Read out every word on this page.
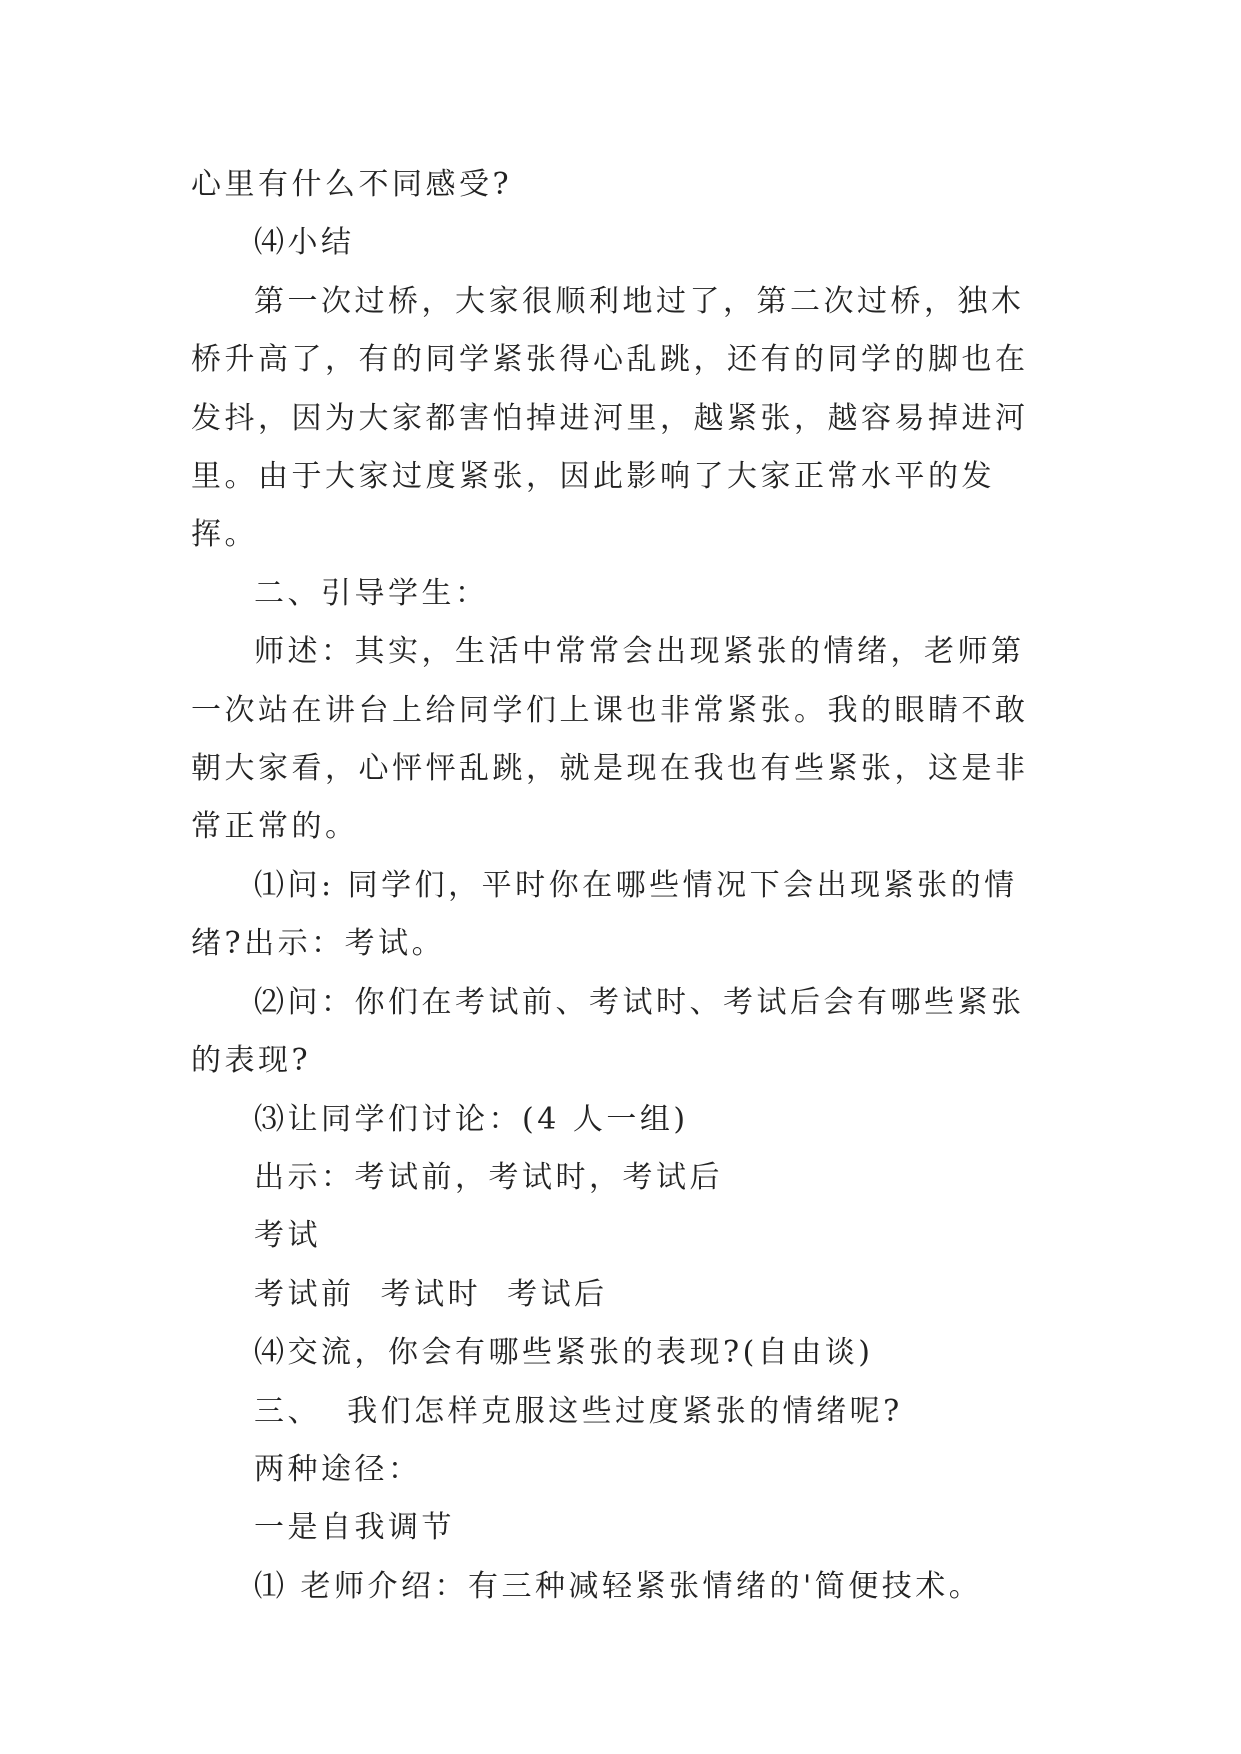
心里有什么不同感受?

⑷小结

第一次过桥，大家很顺利地过了，第二次过桥，独木桥升高了，有的同学紧张得心乱跳，还有的同学的脚也在发抖，因为大家都害怕掉进河里，越紧张，越容易掉进河里。由于大家过度紧张，因此影响了大家正常水平的发挥。

二、引导学生：

师述：其实，生活中常常会出现紧张的情绪，老师第一次站在讲台上给同学们上课也非常紧张。我的眼睛不敢朝大家看，心怦怦乱跳，就是现在我也有些紧张，这是非常正常的。

⑴问: 同学们，平时你在哪些情况下会出现紧张的情绪?出示：考试。

⑵问：你们在考试前、考试时、考试后会有哪些紧张的表现?

⑶让同学们讨论：(4 人一组)

出示：考试前，考试时，考试后

考试

考试前  考试时  考试后

⑷交流，你会有哪些紧张的表现?(自由谈)

三、  我们怎样克服这些过度紧张的情绪呢?

两种途径：

一是自我调节

⑴ 老师介绍：有三种减轻紧张情绪的'简便技术。
